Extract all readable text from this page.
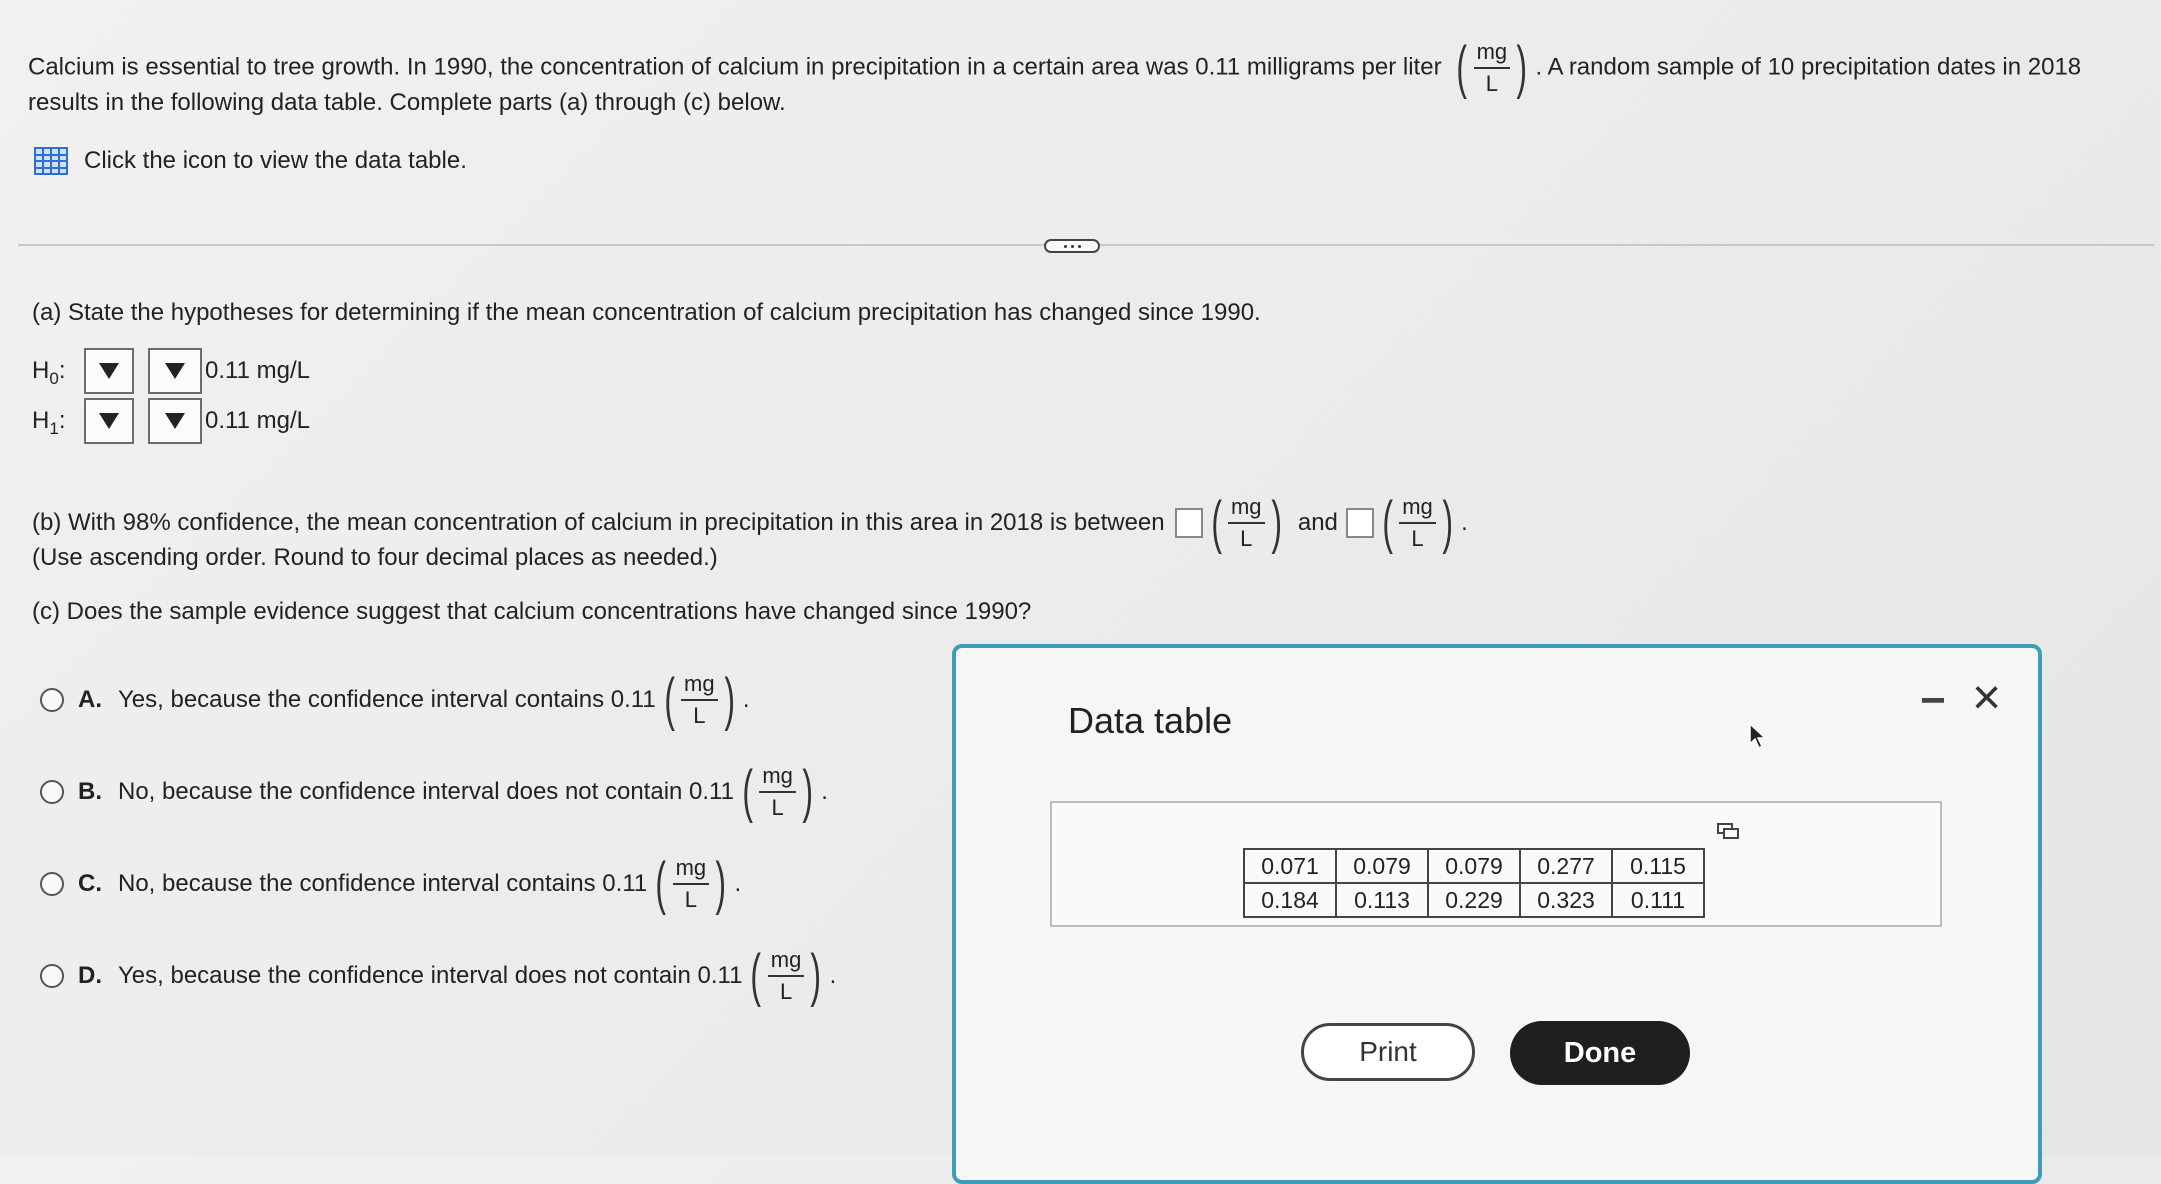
Calcium is essential to tree growth. In 1990, the concentration of calcium in precipitation in a certain area was 0.11 milligrams per liter ( $\frac{mg}{L}$ ) . A random sample of 10 precipitation dates in 2018
results in the following data table. Complete parts (a) through (c) below.
Click the icon to view the data table.
(a) State the hypotheses for determining if the mean concentration of calcium precipitation has changed since 1990.
$H_0$:	0.11 mg/L
$H_1$:	0.11 mg/L
(b) With 98% confidence, the mean concentration of calcium in precipitation in this area in 2018 is between ( $\frac{mg}{L}$ ) and ( $\frac{mg}{L}$ ) .
(Use ascending order. Round to four decimal places as needed.)
(c) Does the sample evidence suggest that calcium concentrations have changed since 1990?
A. Yes, because the confidence interval contains 0.11 ( $\frac{mg}{L}$ ) .
B. No, because the confidence interval does not contain 0.11 ( $\frac{mg}{L}$ ) .
C. No, because the confidence interval contains 0.11 ( $\frac{mg}{L}$ ) .
D. Yes, because the confidence interval does not contain 0.11 ( $\frac{mg}{L}$ ) .
Data table	− ×
0.071	0.079	0.079	0.277	0.115
0.184	0.113	0.229	0.323	0.111
Print	Done
